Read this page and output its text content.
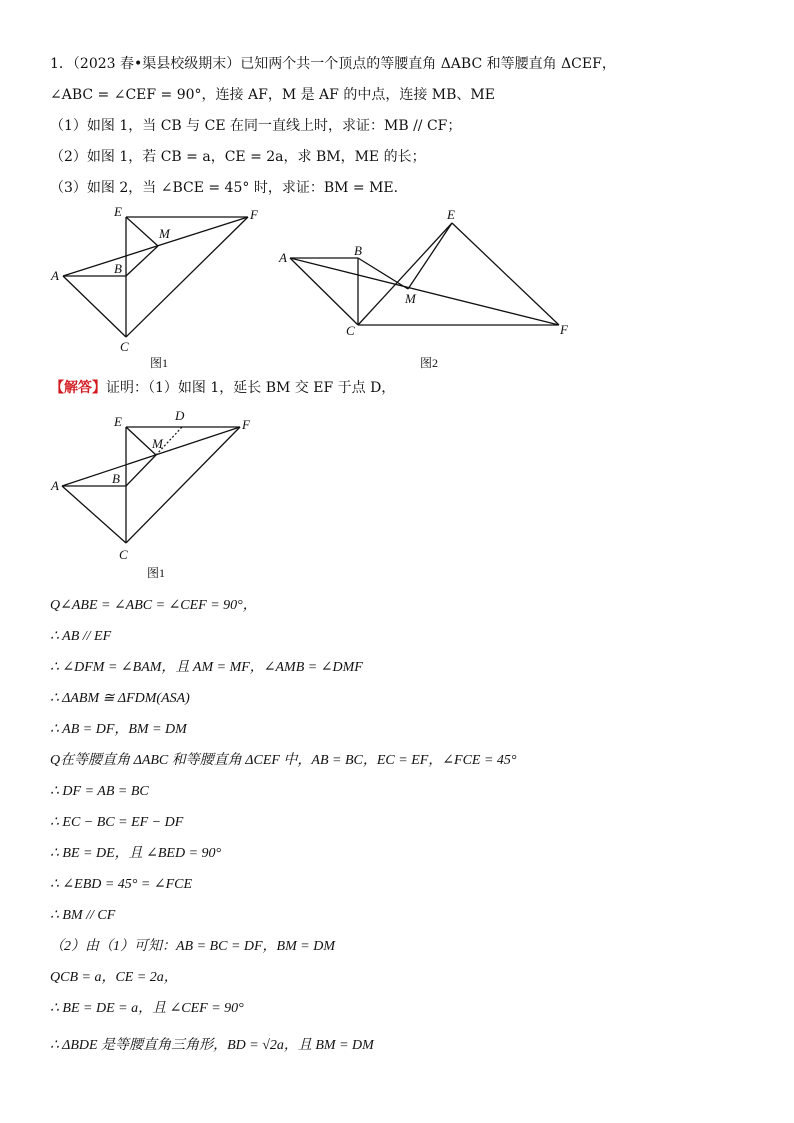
1．（2023 春•渠县校级期末）已知两个共一个顶点的等腰直角 ΔABC 和等腰直角 ΔCEF，
∠ABC = ∠CEF = 90°，连接 AF，M 是 AF 的中点，连接 MB、ME
（1）如图 1，当 CB 与 CE 在同一直线上时，求证：MB // CF；
（2）如图 1，若 CB = a，CE = 2a，求 BM，ME 的长；
（3）如图 2，当 ∠BCE = 45° 时，求证：BM = ME．
E	F
M
A	B
C
图1
E
A	B
M
C	F
图2
【解答】证明：（1）如图 1，延长 BM 交 EF 于点 D，
E	D
F
M
A	B
C
图1
Q∠ABE = ∠ABC = ∠CEF = 90°，
∴ AB // EF
∴ ∠DFM = ∠BAM，且 AM = MF，∠AMB = ∠DMF
∴ ΔABM ≅ ΔFDM(ASA)
∴ AB = DF，BM = DM
Q在等腰直角 ΔABC 和等腰直角 ΔCEF 中，AB = BC，EC = EF，∠FCE = 45°
∴ DF = AB = BC
∴ EC − BC = EF − DF
∴ BE = DE，且 ∠BED = 90°
∴ ∠EBD = 45° = ∠FCE
∴ BM // CF
（2）由（1）可知：AB = BC = DF，BM = DM
QCB = a，CE = 2a，
∴ BE = DE = a，且 ∠CEF = 90°
∴ ΔBDE 是等腰直角三角形，BD = √2a，且 BM = DM
